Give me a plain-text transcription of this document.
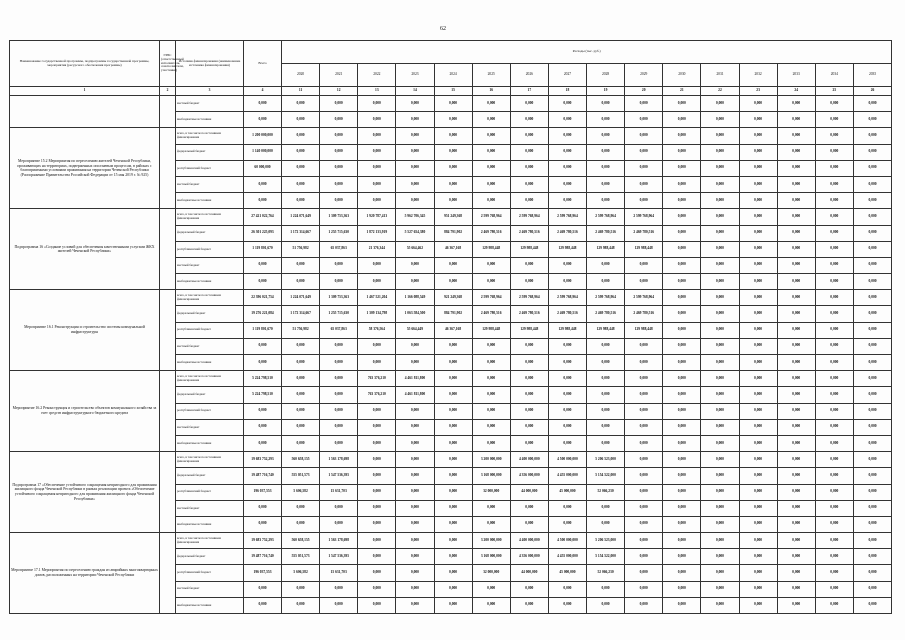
62
Наименование государственной программы, подпрограммы государственной программы, мероприятия (ресурсного обеспечения программы)	ГРБС (ответственный исполнитель, соисполнители, участники)	Источник финансирования (наименование источника финансирования)	Всего	Расходы (тыс. руб.)															
				2020	2021	2022	2023	2024	2025	2026	2027	2028	2029	2030	2031	2032	2033	2034	2035
1	2	3	4	11	12	13	14	15	16	17	18	19	20	21	22	23	24	25	26
		местный бюджет	0,000	0,000	0,000	0,000	0,000	0,000	0,000	0,000	0,000	0,000	0,000	0,000	0,000	0,000	0,000	0,000	0,000
		внебюджетные источники	0,000	0,000	0,000	0,000	0,000	0,000	0,000	0,000	0,000	0,000	0,000	0,000	0,000	0,000	0,000	0,000	0,000
Мероприятие 15.2 Мероприятия по переселению жителей Чеченской Республики, проживающих на территориях, подверженных оползневым процессам, в районах с благоприятными условиями проживания на территории Чеченской Республики (Распоряжение Правительства Российской Федерации от 15 мая 2019 г. № 925)		всего, в том числе по источникам финансирования	1 200 000,000	0,000	0,000	0,000	0,000	0,000	0,000	0,000	0,000	0,000	0,000	0,000	0,000	0,000	0,000	0,000	0,000
		федеральный бюджет	1 140 000,000	0,000	0,000	0,000	0,000	0,000	0,000	0,000	0,000	0,000	0,000	0,000	0,000	0,000	0,000	0,000	0,000
		республиканский бюджет	60 000,000	0,000	0,000	0,000	0,000	0,000	0,000	0,000	0,000	0,000	0,000	0,000	0,000	0,000	0,000	0,000	0,000
		местный бюджет	0,000	0,000	0,000	0,000	0,000	0,000	0,000	0,000	0,000	0,000	0,000	0,000	0,000	0,000	0,000	0,000	0,000
		внебюджетные источники	0,000	0,000	0,000	0,000	0,000	0,000	0,000	0,000	0,000	0,000	0,000	0,000	0,000	0,000	0,000	0,000	0,000
Подпрограмма 16 «Создание условий для обеспечения качественными услугами ЖКХ жителей Чеченской Республики»		всего, в том числе по источникам финансирования	27 421 022,764	1 224 071,649	1 309 753,363	1 920 787,413	5 962 706,345	951 249,368	2 599 768,964	2 599 768,964	2 599 768,964	2 599 768,964	2 599 768,964	0,000	0,000	0,000	0,000	0,000	0,000
		федеральный бюджет	26 301 225,093	1 172 314,667	1 255 715,630	1 872 133,919	5 527 654,380	884 791,902	2 469 780,516	2 469 780,516	2 469 780,516	2 469 780,516	2 469 780,516	0,000	0,000	0,000	0,000	0,000	0,000
		республиканский бюджет	1 119 801,670	51 756,982	65 037,863	21 376,344	55 664,462	46 367,168	129 988,448	129 988,448	129 988,448	129 988,448	129 988,448	0,000	0,000	0,000	0,000	0,000	0,000
		местный бюджет	0,000	0,000	0,000	0,000	0,000	0,000	0,000	0,000	0,000	0,000	0,000	0,000	0,000	0,000	0,000	0,000	0,000
		внебюджетные источники	0,000	0,000	0,000	0,000	0,000	0,000	0,000	0,000	0,000	0,000	0,000	0,000	0,000	0,000	0,000	0,000	0,000
Мероприятие 16.1 Реконструкция и строительство системы коммунальной инфраструктуры		всего, в том числе по источникам финансирования	22 396 021,754	1 224 071,649	1 309 753,363	1 467 521,204	1 166 088,549	921 249,368	2 599 768,964	2 599 768,964	2 599 768,964	2 599 768,964	2 599 768,964	0,000	0,000	0,000	0,000	0,000	0,000
		федеральный бюджет	19 276 221,084	1 172 314,667	1 255 715,630	1 309 134,798	1 063 584,500	884 791,902	2 469 780,516	2 469 780,516	2 469 780,516	2 469 780,516	2 469 780,516	0,000	0,000	0,000	0,000	0,000	0,000
		республиканский бюджет	1 119 801,670	51 756,982	65 037,863	58 376,564	55 664,449	46 367,168	129 988,448	129 988,448	129 988,448	129 988,448	129 988,448	0,000	0,000	0,000	0,000	0,000	0,000
		местный бюджет	0,000	0,000	0,000	0,000	0,000	0,000	0,000	0,000	0,000	0,000	0,000	0,000	0,000	0,000	0,000	0,000	0,000
		внебюджетные источники	0,000	0,000	0,000	0,000	0,000	0,000	0,000	0,000	0,000	0,000	0,000	0,000	0,000	0,000	0,000	0,000	0,000
Мероприятие 16.2 Реконструкция и строительство объектов коммунального хозяйства за счет средств инфраструктурного бюджетного кредита		всего, в том числе по источникам финансирования	5 224 798,510	0,000	0,000	763 376,210	4 461 811,800	0,000	0,000	0,000	0,000	0,000	0,000	0,000	0,000	0,000	0,000	0,000	0,000
		федеральный бюджет	5 224 798,510	0,000	0,000	763 376,210	4 461 811,800	0,000	0,000	0,000	0,000	0,000	0,000	0,000	0,000	0,000	0,000	0,000	0,000
		республиканский бюджет	0,000	0,000	0,000	0,000	0,000	0,000	0,000	0,000	0,000	0,000	0,000	0,000	0,000	0,000	0,000	0,000	0,000
		местный бюджет	0,000	0,000	0,000	0,000	0,000	0,000	0,000	0,000	0,000	0,000	0,000	0,000	0,000	0,000	0,000	0,000	0,000
		внебюджетные источники	0,000	0,000	0,000	0,000	0,000	0,000	0,000	0,000	0,000	0,000	0,000	0,000	0,000	0,000	0,000	0,000	0,000
Подпрограмма 17 «Обеспечение устойчивого сокращения непригодного для проживания жилищного фонда Чеченской Республики в рамках реализации проекта «Обеспечение устойчивого сокращения непригодного для проживания жилищного фонда Чеченской Республики»		всего, в том числе по источникам финансирования	19 683 752,293	560 658,155	1 563 178,698	0,000	0,000	0,000	3 200 000,000	4 400 000,000	4 500 000,000	5 206 523,000	0,000	0,000	0,000	0,000	0,000	0,000	0,000
		федеральный бюджет	19 487 716,740	555 051,573	1 547 536,395	0,000	0,000	0,000	3 168 000,000	4 356 000,000	4 455 000,000	5 154 522,000	0,000	0,000	0,000	0,000	0,000	0,000	0,000
		республиканский бюджет	196 037,553	5 606,582	15 631,703	0,000	0,000	0,000	32 000,000	44 000,000	45 000,000	52 066,230	0,000	0,000	0,000	0,000	0,000	0,000	0,000
		местный бюджет	0,000	0,000	0,000	0,000	0,000	0,000	0,000	0,000	0,000	0,000	0,000	0,000	0,000	0,000	0,000	0,000	0,000
		внебюджетные источники	0,000	0,000	0,000	0,000	0,000	0,000	0,000	0,000	0,000	0,000	0,000	0,000	0,000	0,000	0,000	0,000	0,000
Мероприятие 17.1 Мероприятия по переселению граждан из аварийных многоквартирных домов, расположенных на территории Чеченской Республики		всего, в том числе по источникам финансирования	19 683 752,293	560 658,155	1 563 178,698	0,000	0,000	0,000	3 200 000,000	4 400 000,000	4 500 000,000	5 206 523,000	0,000	0,000	0,000	0,000	0,000	0,000	0,000
		федеральный бюджет	19 487 716,740	555 051,573	1 547 536,395	0,000	0,000	0,000	3 168 000,000	4 356 000,000	4 455 000,000	5 154 522,000	0,000	0,000	0,000	0,000	0,000	0,000	0,000
		республиканский бюджет	196 037,553	5 606,582	15 631,703	0,000	0,000	0,000	32 000,000	44 000,000	45 000,000	52 066,230	0,000	0,000	0,000	0,000	0,000	0,000	0,000
		местный бюджет	0,000	0,000	0,000	0,000	0,000	0,000	0,000	0,000	0,000	0,000	0,000	0,000	0,000	0,000	0,000	0,000	0,000
		внебюджетные источники	0,000	0,000	0,000	0,000	0,000	0,000	0,000	0,000	0,000	0,000	0,000	0,000	0,000	0,000	0,000	0,000	0,000
